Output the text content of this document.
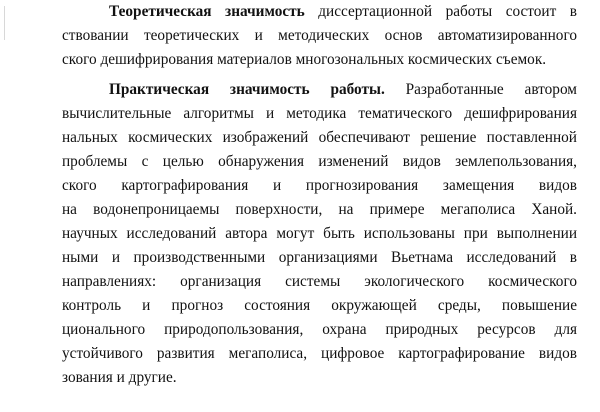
Теоретическая значимость диссертационной работы состоит в
ствовании теоретических и методических основ автоматизированного
ского дешифрирования материалов многозональных космических съемок.
Практическая значимость работы. Разработанные автором
вычислительные алгоритмы и методика тематического дешифрирования
нальных космических изображений обеспечивают решение поставленной
проблемы с целью обнаружения изменений видов землепользования,
ского картографирования и прогнозирования замещения видов
на водонепроницаемы поверхности, на примере мегаполиса Ханой.
научных исследований автора могут быть использованы при выполнении
ными и производственными организациями Вьетнама исследований в
направлениях: организация системы экологического космического
контроль и прогноз состояния окружающей среды, повышение
ционального природопользования, охрана природных ресурсов для
устойчивого развития мегаполиса, цифровое картографирование видов
зования и другие.
